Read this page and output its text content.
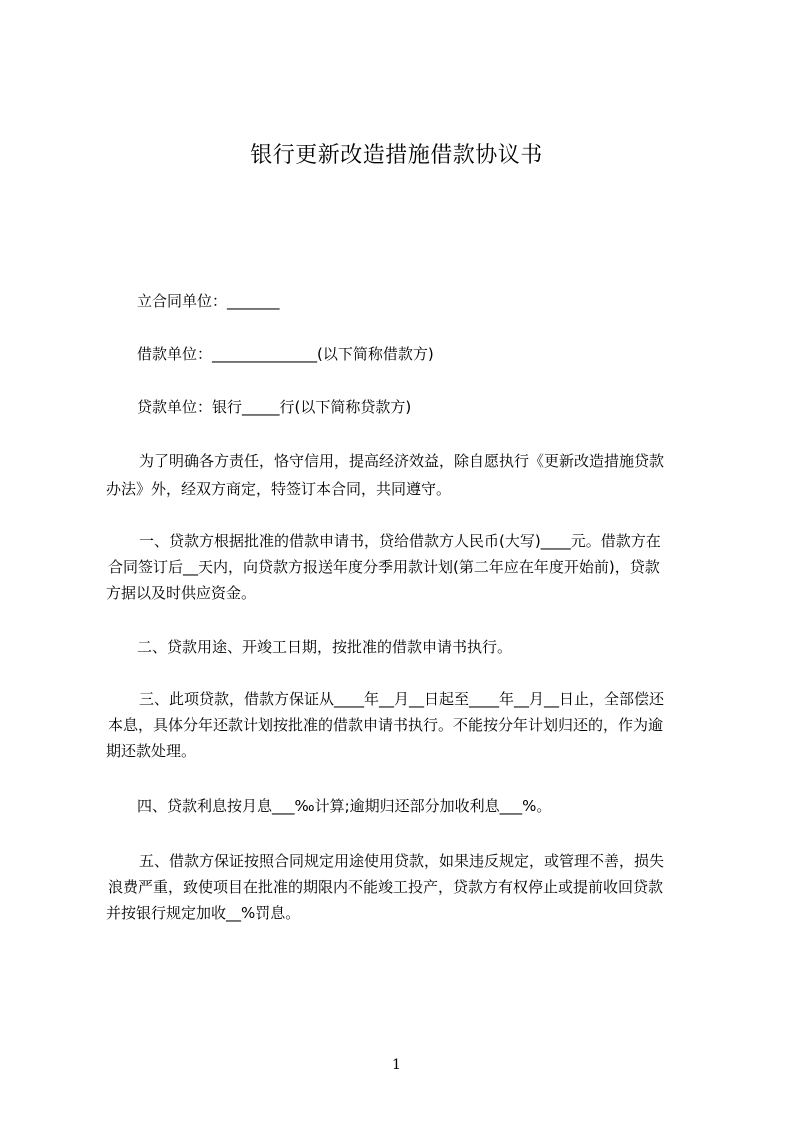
银行更新改造措施借款协议书
立合同单位：_______
借款单位：______________(以下简称借款方)
贷款单位：银行_____行(以下简称贷款方)
为了明确各方责任，恪守信用，提高经济效益，除自愿执行《更新改造措施贷款
办法》外，经双方商定，特签订本合同，共同遵守。
一、贷款方根据批准的借款申请书，贷给借款方人民币(大写)____元。借款方在
合同签订后__天内，向贷款方报送年度分季用款计划(第二年应在年度开始前)，贷款
方据以及时供应资金。
二、贷款用途、开竣工日期，按批准的借款申请书执行。
三、此项贷款，借款方保证从____年__月__日起至____年__月__日止，全部偿还
本息，具体分年还款计划按批准的借款申请书执行。不能按分年计划归还的，作为逾
期还款处理。
四、贷款利息按月息___‰计算;逾期归还部分加收利息___%。
五、借款方保证按照合同规定用途使用贷款，如果违反规定，或管理不善，损失
浪费严重，致使项目在批准的期限内不能竣工投产，贷款方有权停止或提前收回贷款
并按银行规定加收__%罚息。
1
